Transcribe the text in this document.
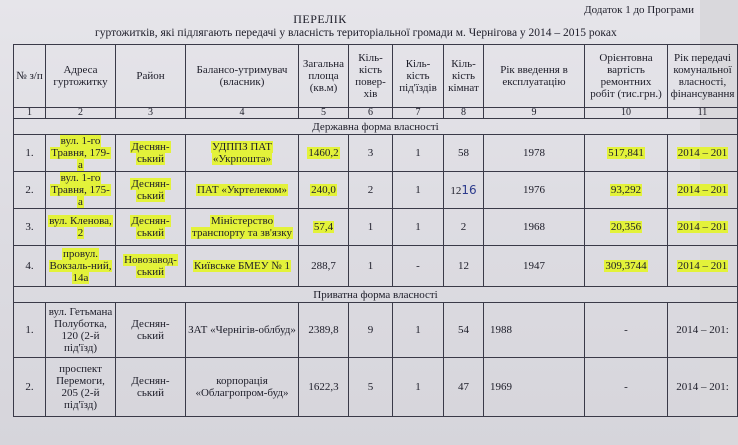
Додаток 1 до Програми
ПЕРЕЛІК
гуртожитків, які підлягають передачі у власність територіальної громади м. Чернігова у 2014 – 2015 роках
№ з/п	Адреса гуртожитку	Район	Балансо-утримувач (власник)	Загальна площа (кв.м)	Кіль-кість повер-хів	Кіль-кість під'їздів	Кіль-кість кімнат	Рік введення в експлуатацію	Орієнтовна вартість ремонтних робіт (тис.грн.)	Рік передачі комунальної власності, фінансування
1	2	3	4	5	6	7	8	9	10	11
Державна форма власності										
1.	вул. 1-го Травня, 179-а	Деснян-ський	УДППЗ ПАТ «Укрпошта»	1460,2	3	1	58	1978	517,841	2014 – 201
2.	вул. 1-го Травня, 175-а	Деснян-ський	ПАТ «Укртелеком»	240,0	2	1	1216	1976	93,292	2014 – 201
3.	вул. Кленова, 2	Деснян-ський	Міністерство транспорту та зв'язку	57,4	1	1	2	1968	20,356	2014 – 201
4.	провул. Вокзаль-ний, 14а	Новозавод-ський	Київське БМЕУ № 1	288,7	1	-	12	1947	309,3744	2014 – 201
Приватна форма власності										
1.	вул. Гетьмана Полуботка, 120 (2-й під'їзд)	Деснян-ський	ЗАТ «Чернігів-облбуд»	2389,8	9	1	54	1988	-	2014 – 201:
2.	проспект Перемоги, 205 (2-й під'їзд)	Деснян-ський	корпорація «Облагропром-буд»	1622,3	5	1	47	1969	-	2014 – 201:
